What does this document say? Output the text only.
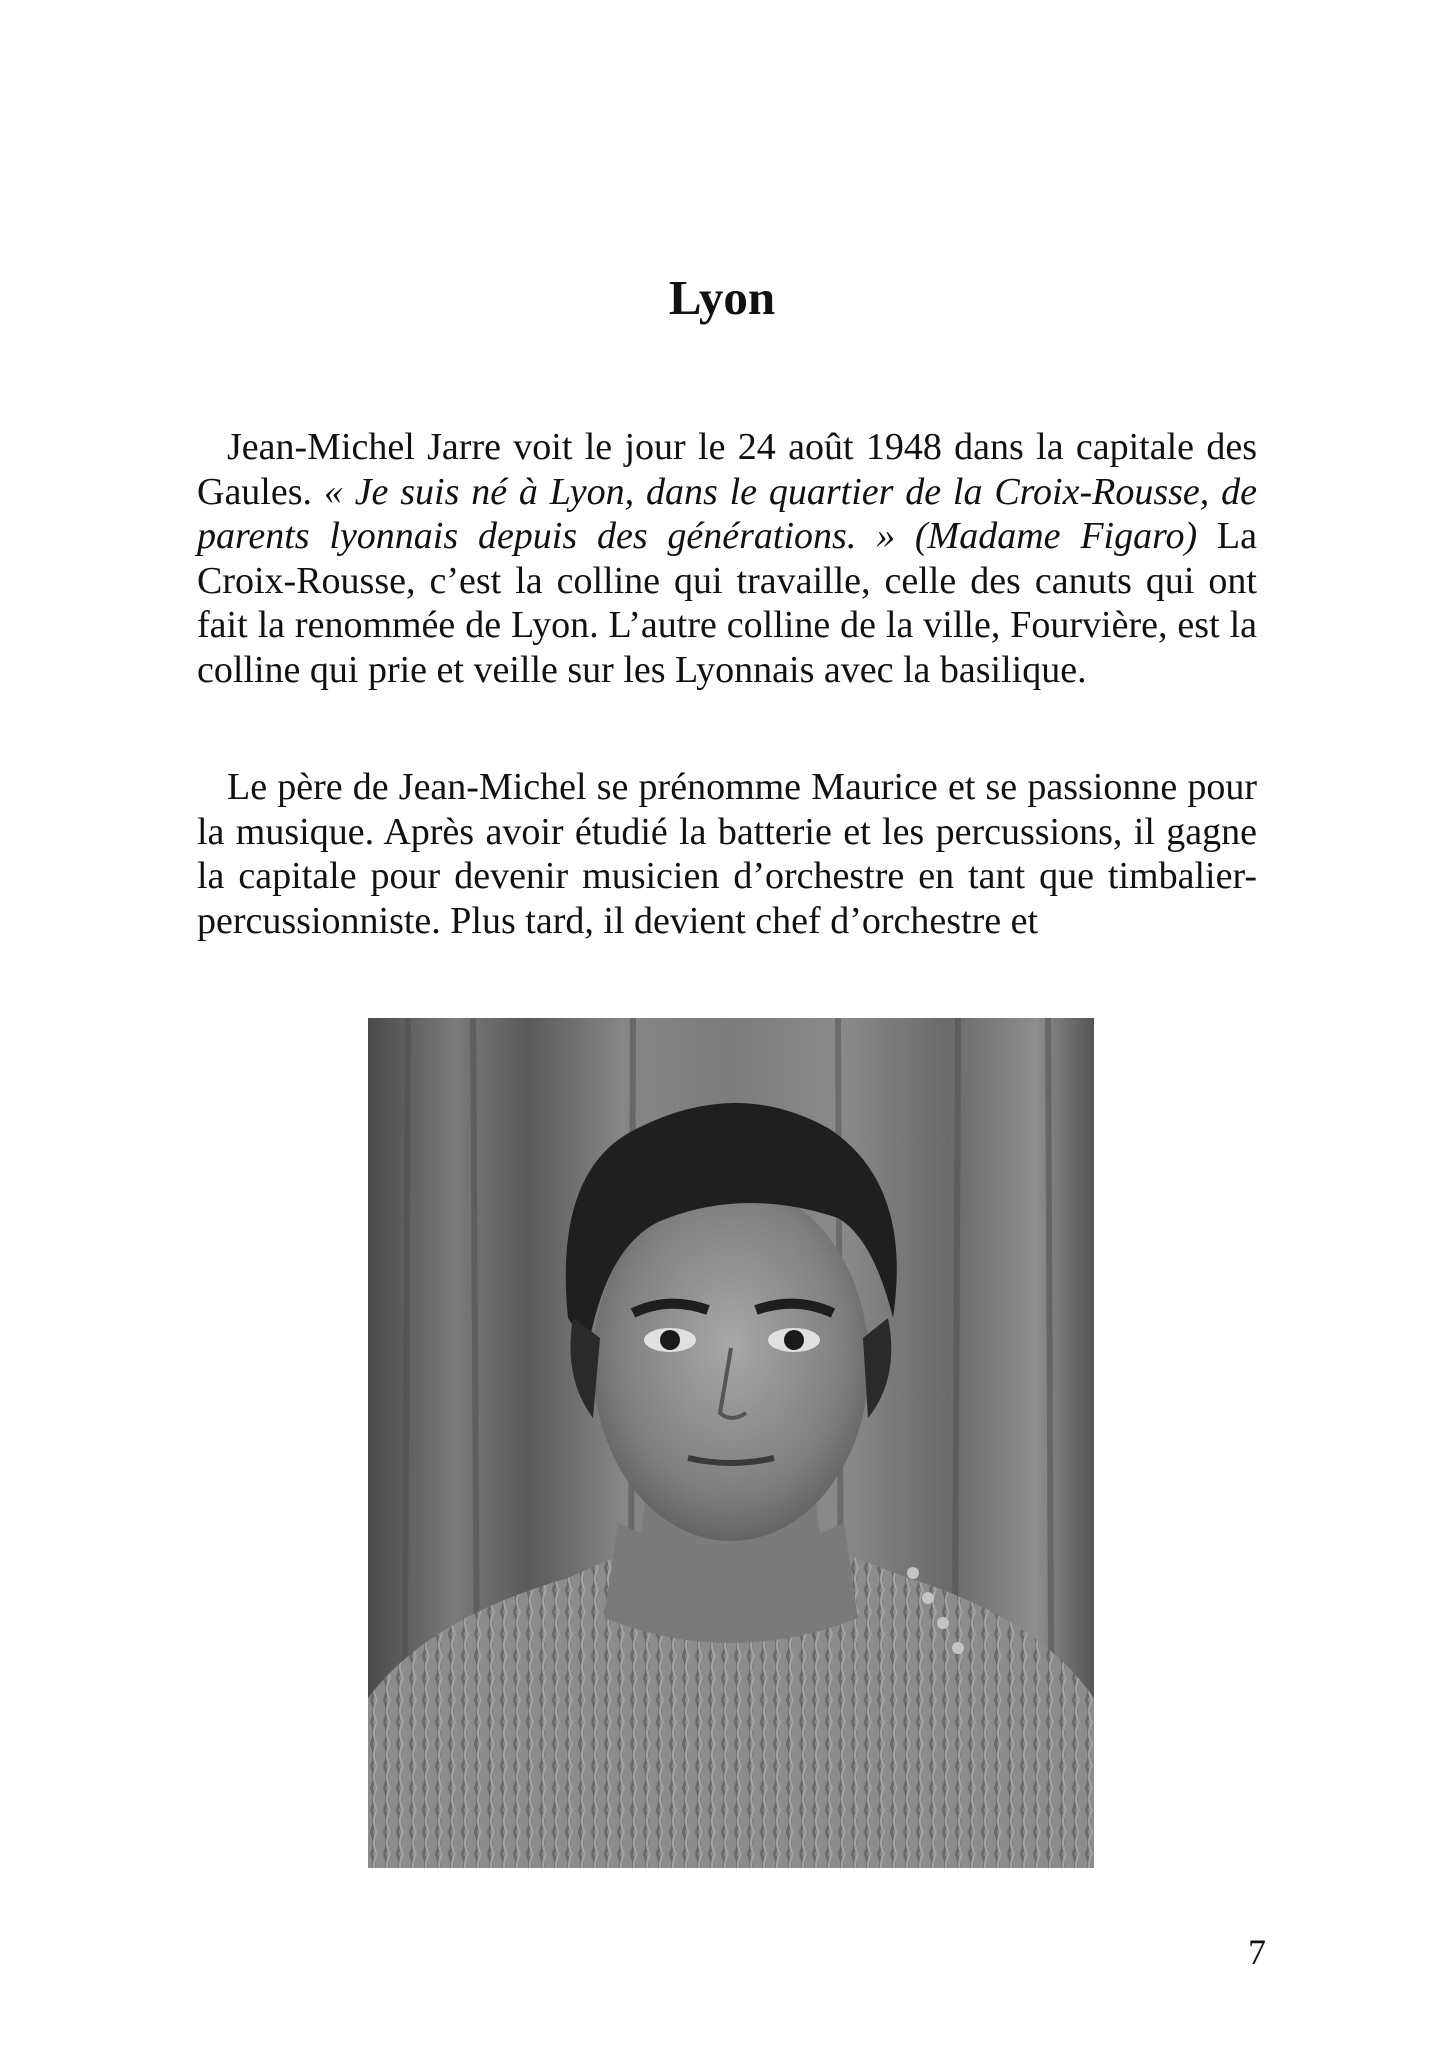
Lyon

Jean-Michel Jarre voit le jour le 24 août 1948 dans la capitale des Gaules. « Je suis né à Lyon, dans le quartier de la Croix-Rousse, de parents lyonnais depuis des générations. » (Madame Figaro) La Croix-Rousse, c’est la colline qui travaille, celle des canuts qui ont fait la renommée de Lyon. L’autre colline de la ville, Fourvière, est la colline qui prie et veille sur les Lyonnais avec la basilique.

Le père de Jean-Michel se prénomme Maurice et se passionne pour la musique. Après avoir étudié la batterie et les percussions, il gagne la capitale pour devenir musicien d’orchestre en tant que timbalier-percussionniste. Plus tard, il devient chef d’orchestre et

7
